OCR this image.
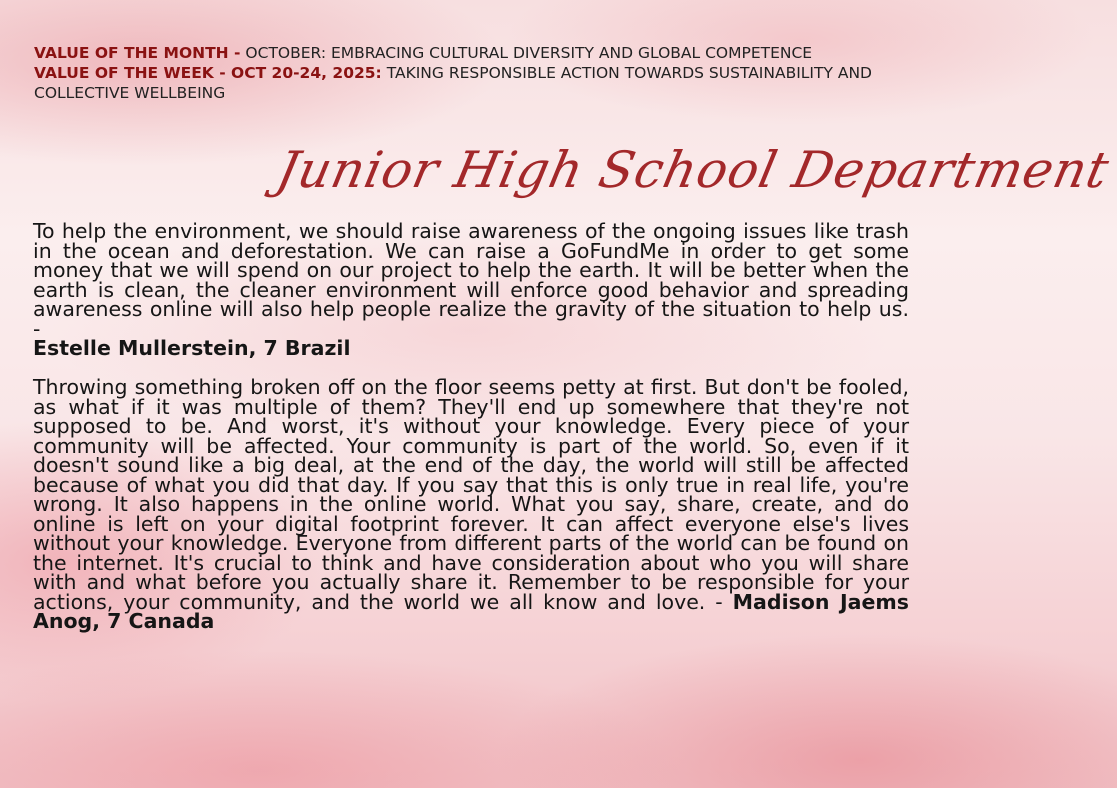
VALUE OF THE MONTH - OCTOBER: EMBRACING CULTURAL DIVERSITY AND GLOBAL COMPETENCE
VALUE OF THE WEEK - OCT 20-24, 2025: TAKING RESPONSIBLE ACTION TOWARDS SUSTAINABILITY AND COLLECTIVE WELLBEING
Junior High School Department

To help the environment, we should raise awareness of the ongoing issues like trash in the ocean and deforestation. We can raise a GoFundMe in order to get some money that we will spend on our project to help the earth. It will be better when the earth is clean, the cleaner environment will enforce good behavior and spreading awareness online will also help people realize the gravity of the situation to help us. -
Estelle Mullerstein, 7 Brazil

Throwing something broken off on the floor seems petty at first. But don't be fooled, as what if it was multiple of them? They'll end up somewhere that they're not supposed to be. And worst, it's without your knowledge. Every piece of your community will be affected. Your community is part of the world. So, even if it doesn't sound like a big deal, at the end of the day, the world will still be affected because of what you did that day. If you say that this is only true in real life, you're wrong. It also happens in the online world. What you say, share, create, and do online is left on your digital footprint forever. It can affect everyone else's lives without your knowledge. Everyone from different parts of the world can be found on the internet. It's crucial to think and have consideration about who you will share with and what before you actually share it. Remember to be responsible for your actions, your community, and the world we all know and love. - Madison Jaems Anog, 7 Canada
